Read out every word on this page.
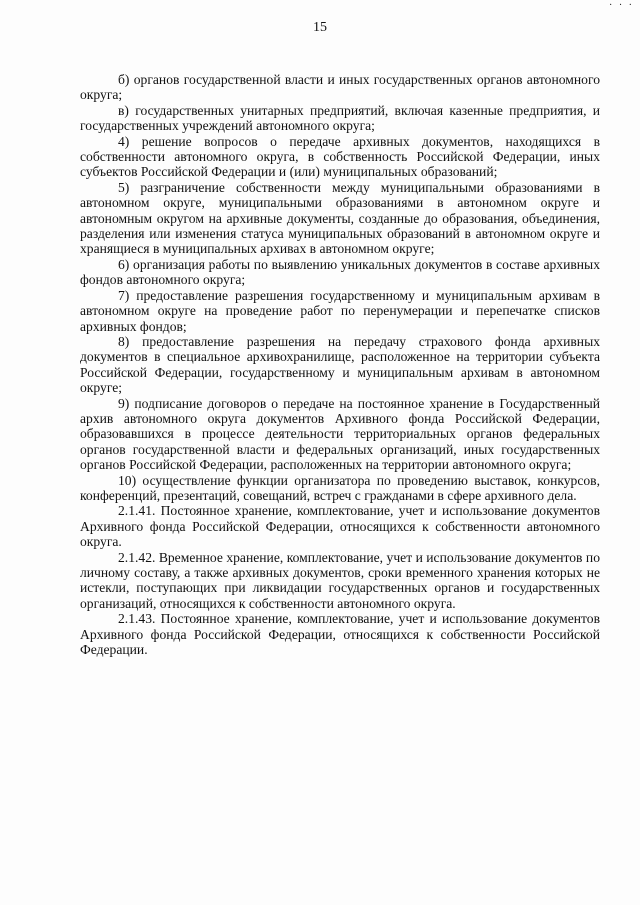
· · ·
15

б) органов государственной власти и иных государственных органов автономного округа;

в) государственных унитарных предприятий, включая казенные предприятия, и государственных учреждений автономного округа;

4) решение вопросов о передаче архивных документов, находящихся в собственности автономного округа, в собственность Российской Федерации, иных субъектов Российской Федерации и (или) муниципальных образований;

5) разграничение собственности между муниципальными образованиями в автономном округе, муниципальными образованиями в автономном округе и автономным округом на архивные документы, созданные до образования, объединения, разделения или изменения статуса муниципальных образований в автономном округе и хранящиеся в муниципальных архивах в автономном округе;

6) организация работы по выявлению уникальных документов в составе архивных фондов автономного округа;

7) предоставление разрешения государственному и муниципальным архивам в автономном округе на проведение работ по перенумерации и перепечатке списков архивных фондов;

8) предоставление разрешения на передачу страхового фонда архивных документов в специальное архивохранилище, расположенное на территории субъекта Российской Федерации, государственному и муниципальным архивам в автономном округе;

9) подписание договоров о передаче на постоянное хранение в Государственный архив автономного округа документов Архивного фонда Российской Федерации, образовавшихся в процессе деятельности территориальных органов федеральных органов государственной власти и федеральных организаций, иных государственных органов Российской Федерации, расположенных на территории автономного округа;

10) осуществление функции организатора по проведению выставок, конкурсов, конференций, презентаций, совещаний, встреч с гражданами в сфере архивного дела.

2.1.41. Постоянное хранение, комплектование, учет и использование документов Архивного фонда Российской Федерации, относящихся к собственности автономного округа.

2.1.42. Временное хранение, комплектование, учет и использование документов по личному составу, а также архивных документов, сроки временного хранения которых не истекли, поступающих при ликвидации государственных органов и государственных организаций, относящихся к собственности автономного округа.

2.1.43. Постоянное хранение, комплектование, учет и использование документов Архивного фонда Российской Федерации, относящихся к собственности Российской Федерации.
